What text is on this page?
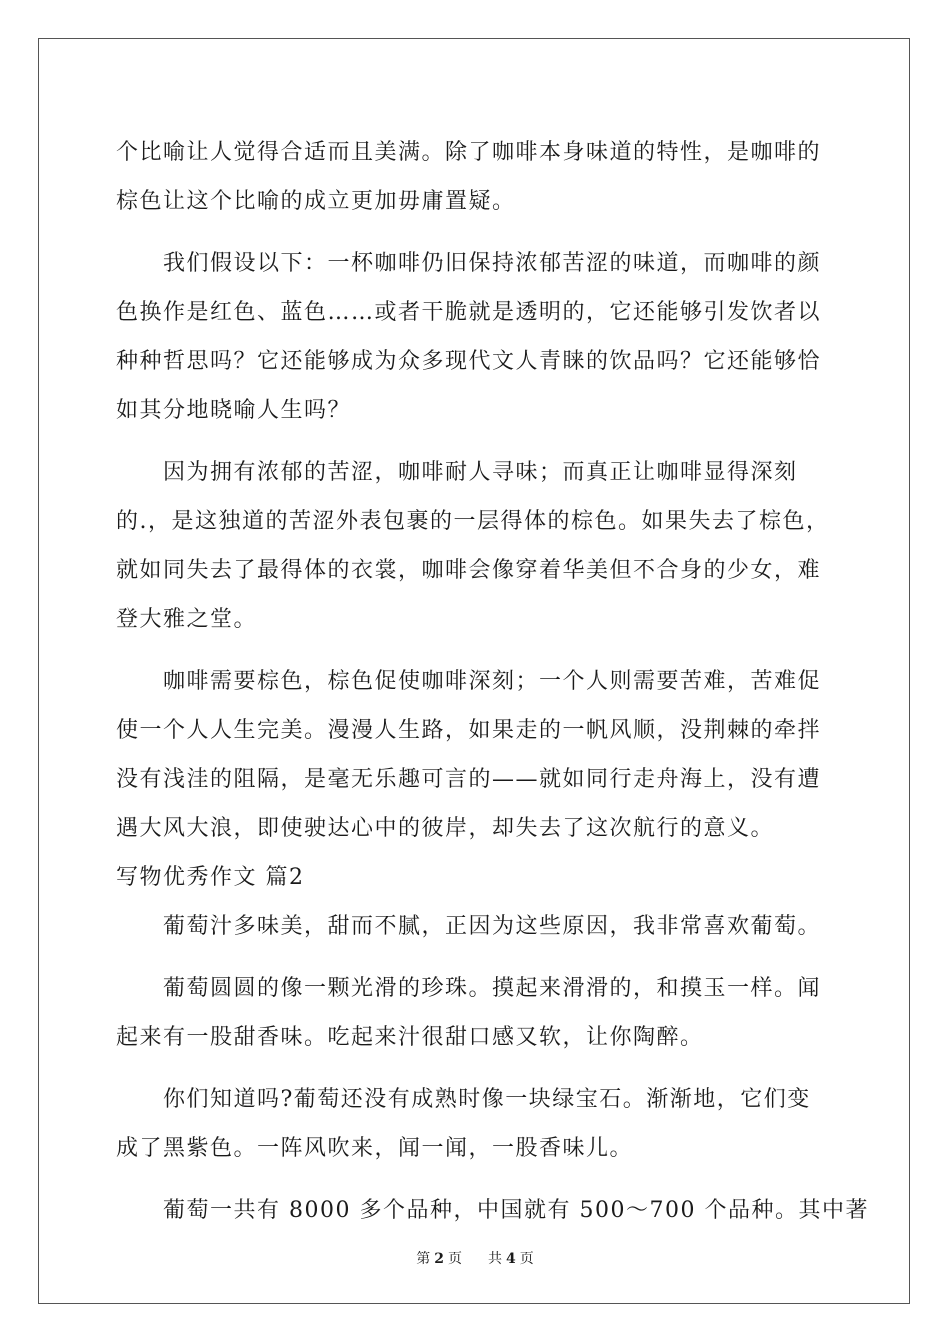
个比喻让人觉得合适而且美满。除了咖啡本身味道的特性，是咖啡的
棕色让这个比喻的成立更加毋庸置疑。
　　我们假设以下：一杯咖啡仍旧保持浓郁苦涩的味道，而咖啡的颜
色换作是红色、蓝色……或者干脆就是透明的，它还能够引发饮者以
种种哲思吗？它还能够成为众多现代文人青睐的饮品吗？它还能够恰
如其分地晓喻人生吗？
　　因为拥有浓郁的苦涩，咖啡耐人寻味；而真正让咖啡显得深刻
的.，是这独道的苦涩外表包裹的一层得体的棕色。如果失去了棕色，
就如同失去了最得体的衣裳，咖啡会像穿着华美但不合身的少女，难
登大雅之堂。
　　咖啡需要棕色，棕色促使咖啡深刻；一个人则需要苦难，苦难促
使一个人人生完美。漫漫人生路，如果走的一帆风顺，没荆棘的牵拌
没有浅洼的阻隔，是毫无乐趣可言的——就如同行走舟海上，没有遭
遇大风大浪，即使驶达心中的彼岸，却失去了这次航行的意义。
写物优秀作文 篇2
　　葡萄汁多味美，甜而不腻，正因为这些原因，我非常喜欢葡萄。
　　葡萄圆圆的像一颗光滑的珍珠。摸起来滑滑的，和摸玉一样。闻
起来有一股甜香味。吃起来汁很甜口感又软，让你陶醉。
　　你们知道吗?葡萄还没有成熟时像一块绿宝石。渐渐地，它们变
成了黑紫色。一阵风吹来，闻一闻，一股香味儿。
　　葡萄一共有 8000 多个品种，中国就有 500～700 个品种。其中著
第 2 页 共 4 页
